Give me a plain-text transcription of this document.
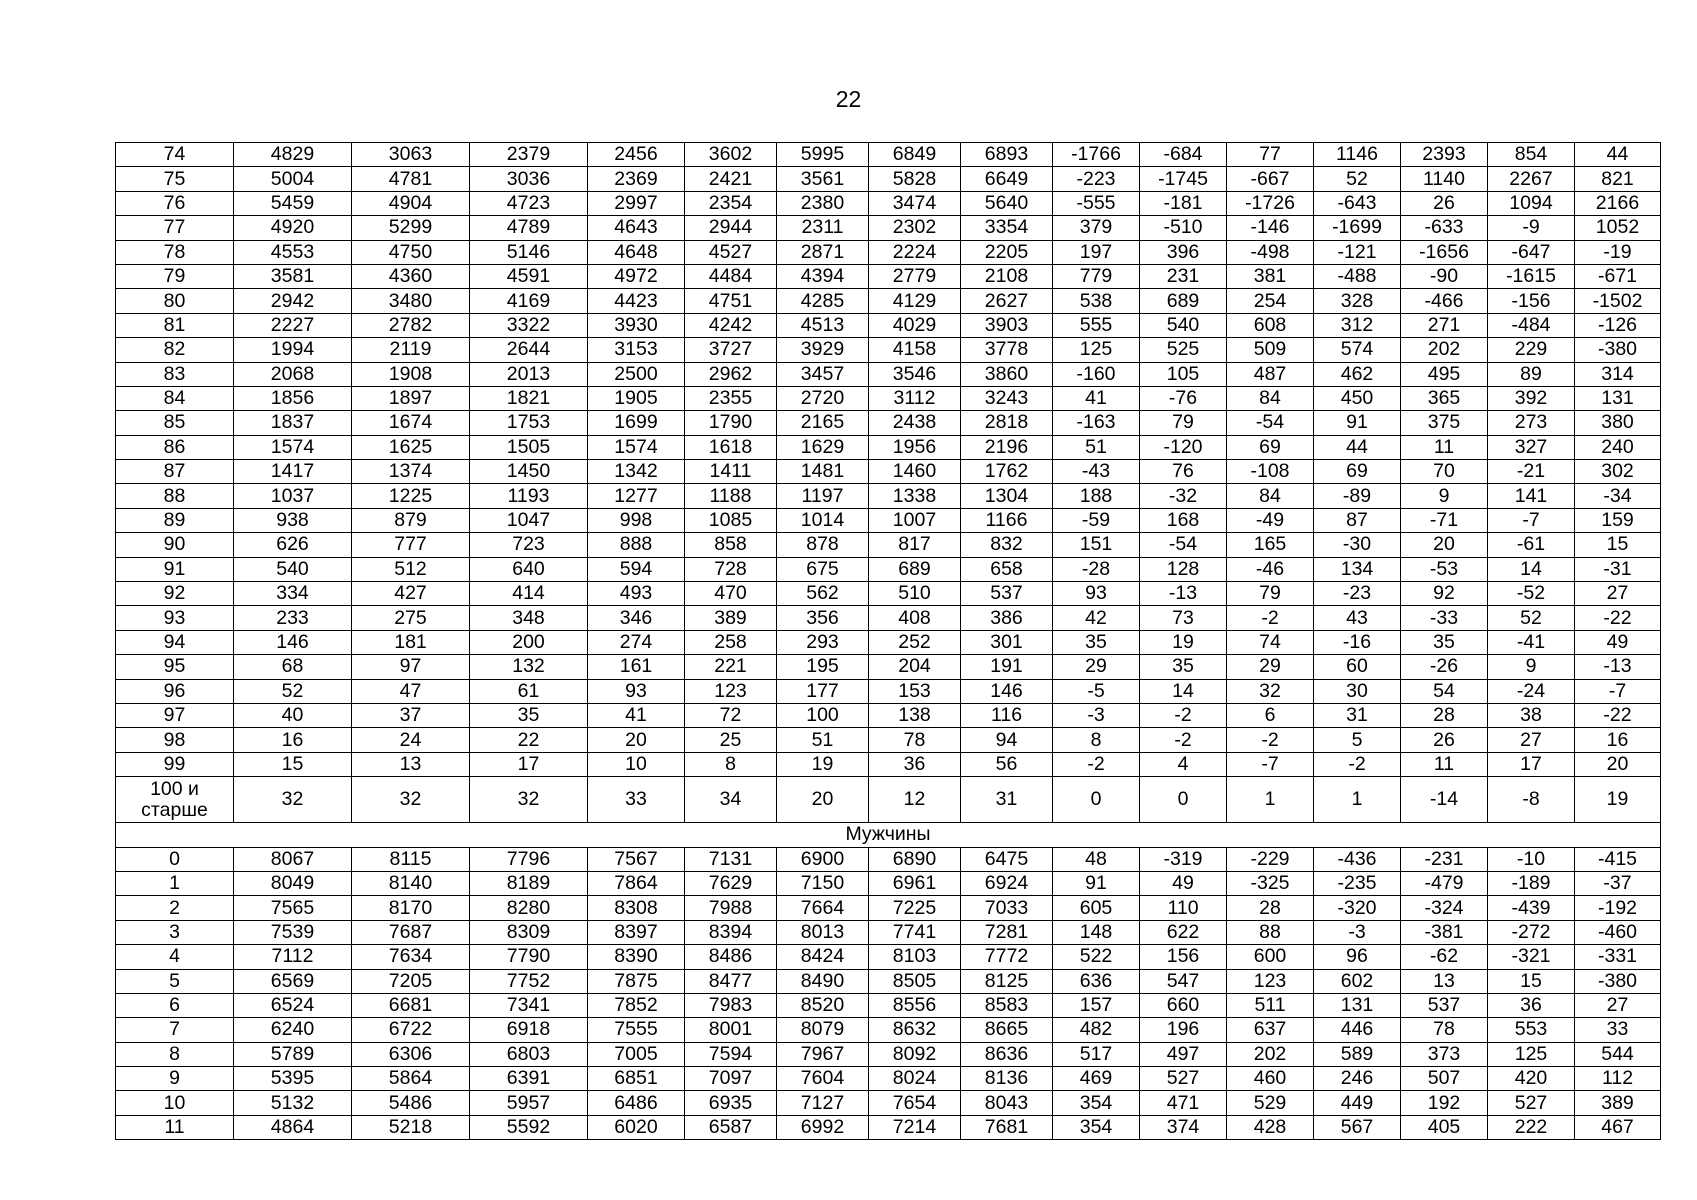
22
74	4829	3063	2379	2456	3602	5995	6849	6893	-1766	-684	77	1146	2393	854	44
75	5004	4781	3036	2369	2421	3561	5828	6649	-223	-1745	-667	52	1140	2267	821
76	5459	4904	4723	2997	2354	2380	3474	5640	-555	-181	-1726	-643	26	1094	2166
77	4920	5299	4789	4643	2944	2311	2302	3354	379	-510	-146	-1699	-633	-9	1052
78	4553	4750	5146	4648	4527	2871	2224	2205	197	396	-498	-121	-1656	-647	-19
79	3581	4360	4591	4972	4484	4394	2779	2108	779	231	381	-488	-90	-1615	-671
80	2942	3480	4169	4423	4751	4285	4129	2627	538	689	254	328	-466	-156	-1502
81	2227	2782	3322	3930	4242	4513	4029	3903	555	540	608	312	271	-484	-126
82	1994	2119	2644	3153	3727	3929	4158	3778	125	525	509	574	202	229	-380
83	2068	1908	2013	2500	2962	3457	3546	3860	-160	105	487	462	495	89	314
84	1856	1897	1821	1905	2355	2720	3112	3243	41	-76	84	450	365	392	131
85	1837	1674	1753	1699	1790	2165	2438	2818	-163	79	-54	91	375	273	380
86	1574	1625	1505	1574	1618	1629	1956	2196	51	-120	69	44	11	327	240
87	1417	1374	1450	1342	1411	1481	1460	1762	-43	76	-108	69	70	-21	302
88	1037	1225	1193	1277	1188	1197	1338	1304	188	-32	84	-89	9	141	-34
89	938	879	1047	998	1085	1014	1007	1166	-59	168	-49	87	-71	-7	159
90	626	777	723	888	858	878	817	832	151	-54	165	-30	20	-61	15
91	540	512	640	594	728	675	689	658	-28	128	-46	134	-53	14	-31
92	334	427	414	493	470	562	510	537	93	-13	79	-23	92	-52	27
93	233	275	348	346	389	356	408	386	42	73	-2	43	-33	52	-22
94	146	181	200	274	258	293	252	301	35	19	74	-16	35	-41	49
95	68	97	132	161	221	195	204	191	29	35	29	60	-26	9	-13
96	52	47	61	93	123	177	153	146	-5	14	32	30	54	-24	-7
97	40	37	35	41	72	100	138	116	-3	-2	6	31	28	38	-22
98	16	24	22	20	25	51	78	94	8	-2	-2	5	26	27	16
99	15	13	17	10	8	19	36	56	-2	4	-7	-2	11	17	20
100 и старше	32	32	32	33	34	20	12	31	0	0	1	1	-14	-8	19
Мужчины															
0	8067	8115	7796	7567	7131	6900	6890	6475	48	-319	-229	-436	-231	-10	-415
1	8049	8140	8189	7864	7629	7150	6961	6924	91	49	-325	-235	-479	-189	-37
2	7565	8170	8280	8308	7988	7664	7225	7033	605	110	28	-320	-324	-439	-192
3	7539	7687	8309	8397	8394	8013	7741	7281	148	622	88	-3	-381	-272	-460
4	7112	7634	7790	8390	8486	8424	8103	7772	522	156	600	96	-62	-321	-331
5	6569	7205	7752	7875	8477	8490	8505	8125	636	547	123	602	13	15	-380
6	6524	6681	7341	7852	7983	8520	8556	8583	157	660	511	131	537	36	27
7	6240	6722	6918	7555	8001	8079	8632	8665	482	196	637	446	78	553	33
8	5789	6306	6803	7005	7594	7967	8092	8636	517	497	202	589	373	125	544
9	5395	5864	6391	6851	7097	7604	8024	8136	469	527	460	246	507	420	112
10	5132	5486	5957	6486	6935	7127	7654	8043	354	471	529	449	192	527	389
11	4864	5218	5592	6020	6587	6992	7214	7681	354	374	428	567	405	222	467
